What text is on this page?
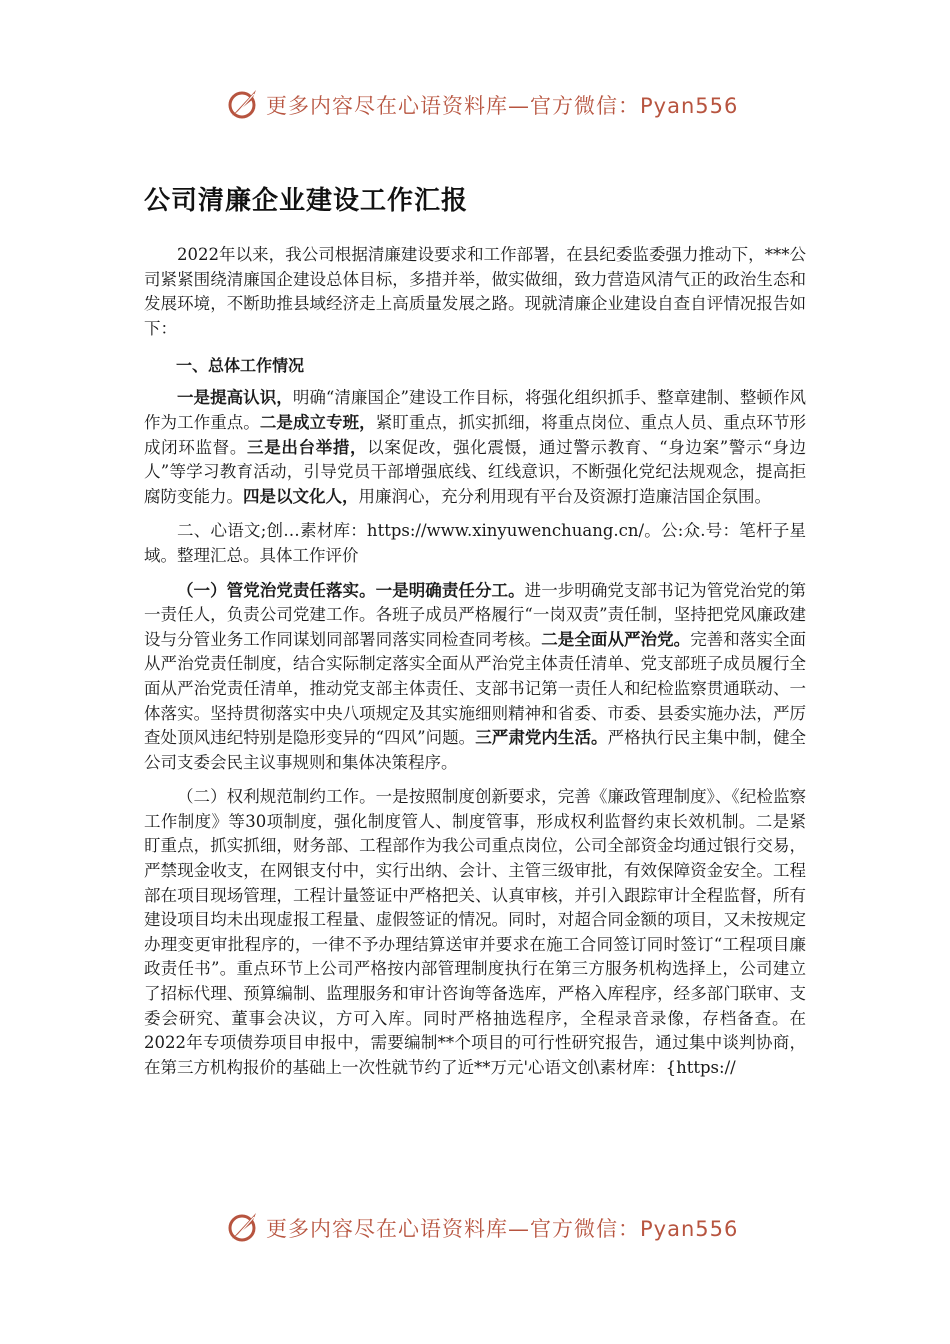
更多内容尽在心语资料库—官方微信：Pyan556
公司清廉企业建设工作汇报

2022年以来，我公司根据清廉建设要求和工作部署，在县纪委监委强力推动下，***公司紧紧围绕清廉国企建设总体目标，多措并举，做实做细，致力营造风清气正的政治生态和发展环境，不断助推县域经济走上高质量发展之路。现就清廉企业建设自查自评情况报告如下：

一、总体工作情况

一是提高认识，明确“清廉国企”建设工作目标，将强化组织抓手、整章建制、整顿作风作为工作重点。二是成立专班，紧盯重点，抓实抓细，将重点岗位、重点人员、重点环节形成闭环监督。三是出台举措，以案促改，强化震慑，通过警示教育、“身边案”警示“身边人”等学习教育活动，引导党员干部增强底线、红线意识，不断强化党纪法规观念，提高拒腐防变能力。四是以文化人，用廉润心，充分利用现有平台及资源打造廉洁国企氛围。

二、心语文;创…素材库：https://www.xinyuwenchuang.cn/。公:众.号：笔杆子星域。整理汇总。具体工作评价

（一）管党治党责任落实。一是明确责任分工。进一步明确党支部书记为管党治党的第一责任人，负责公司党建工作。各班子成员严格履行“一岗双责”责任制，坚持把党风廉政建设与分管业务工作同谋划同部署同落实同检查同考核。二是全面从严治党。完善和落实全面从严治党责任制度，结合实际制定落实全面从严治党主体责任清单、党支部班子成员履行全面从严治党责任清单，推动党支部主体责任、支部书记第一责任人和纪检监察贯通联动、一体落实。坚持贯彻落实中央八项规定及其实施细则精神和省委、市委、县委实施办法，严厉查处顶风违纪特别是隐形变异的“四风”问题。三严肃党内生活。严格执行民主集中制，健全公司支委会民主议事规则和集体决策程序。

（二）权利规范制约工作。一是按照制度创新要求，完善《廉政管理制度》、《纪检监察工作制度》等30项制度，强化制度管人、制度管事，形成权利监督约束长效机制。二是紧盯重点，抓实抓细，财务部、工程部作为我公司重点岗位，公司全部资金均通过银行交易，严禁现金收支，在网银支付中，实行出纳、会计、主管三级审批，有效保障资金安全。工程部在项目现场管理，工程计量签证中严格把关、认真审核，并引入跟踪审计全程监督，所有建设项目均未出现虚报工程量、虚假签证的情况。同时，对超合同金额的项目，又未按规定办理变更审批程序的，一律不予办理结算送审并要求在施工合同签订同时签订“工程项目廉政责任书”。重点环节上公司严格按内部管理制度执行在第三方服务机构选择上，公司建立了招标代理、预算编制、监理服务和审计咨询等备选库，严格入库程序，经多部门联审、支委会研究、董事会决议，方可入库。同时严格抽选程序，全程录音录像，存档备查。在2022年专项债券项目申报中，需要编制**个项目的可行性研究报告，通过集中谈判协商，在第三方机构报价的基础上一次性就节约了近**万元'心语文创\素材库：{https://

更多内容尽在心语资料库—官方微信：Pyan556
